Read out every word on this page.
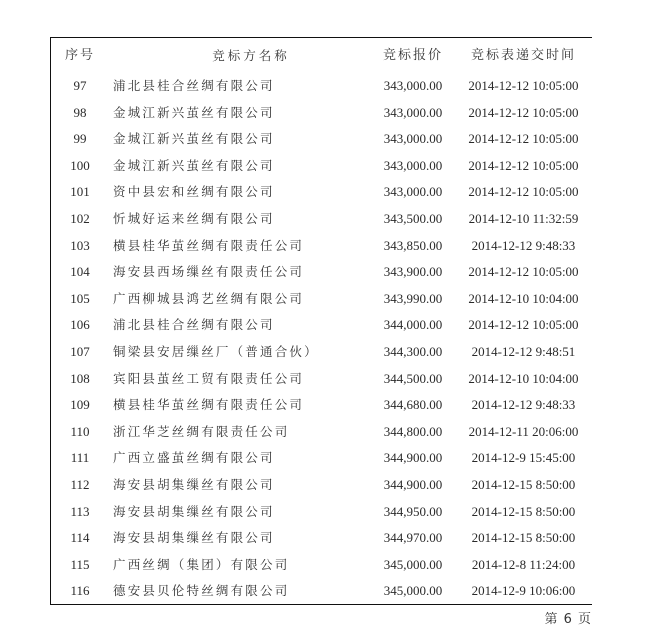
序号	竞标方名称	竞标报价	竞标表递交时间
97	浦北县桂合丝绸有限公司	343,000.00	2014-12-12 10:05:00
98	金城江新兴茧丝有限公司	343,000.00	2014-12-12 10:05:00
99	金城江新兴茧丝有限公司	343,000.00	2014-12-12 10:05:00
100	金城江新兴茧丝有限公司	343,000.00	2014-12-12 10:05:00
101	资中县宏和丝绸有限公司	343,000.00	2014-12-12 10:05:00
102	忻城好运来丝绸有限公司	343,500.00	2014-12-10 11:32:59
103	横县桂华茧丝绸有限责任公司	343,850.00	2014-12-12 9:48:33
104	海安县西场缫丝有限责任公司	343,900.00	2014-12-12 10:05:00
105	广西柳城县鸿艺丝绸有限公司	343,990.00	2014-12-10 10:04:00
106	浦北县桂合丝绸有限公司	344,000.00	2014-12-12 10:05:00
107	铜梁县安居缫丝厂（普通合伙）	344,300.00	2014-12-12 9:48:51
108	宾阳县茧丝工贸有限责任公司	344,500.00	2014-12-10 10:04:00
109	横县桂华茧丝绸有限责任公司	344,680.00	2014-12-12 9:48:33
110	浙江华芝丝绸有限责任公司	344,800.00	2014-12-11 20:06:00
111	广西立盛茧丝绸有限公司	344,900.00	2014-12-9 15:45:00
112	海安县胡集缫丝有限公司	344,900.00	2014-12-15 8:50:00
113	海安县胡集缫丝有限公司	344,950.00	2014-12-15 8:50:00
114	海安县胡集缫丝有限公司	344,970.00	2014-12-15 8:50:00
115	广西丝绸（集团）有限公司	345,000.00	2014-12-8 11:24:00
116	德安县贝伦特丝绸有限公司	345,000.00	2014-12-9 10:06:00
第 6 页
